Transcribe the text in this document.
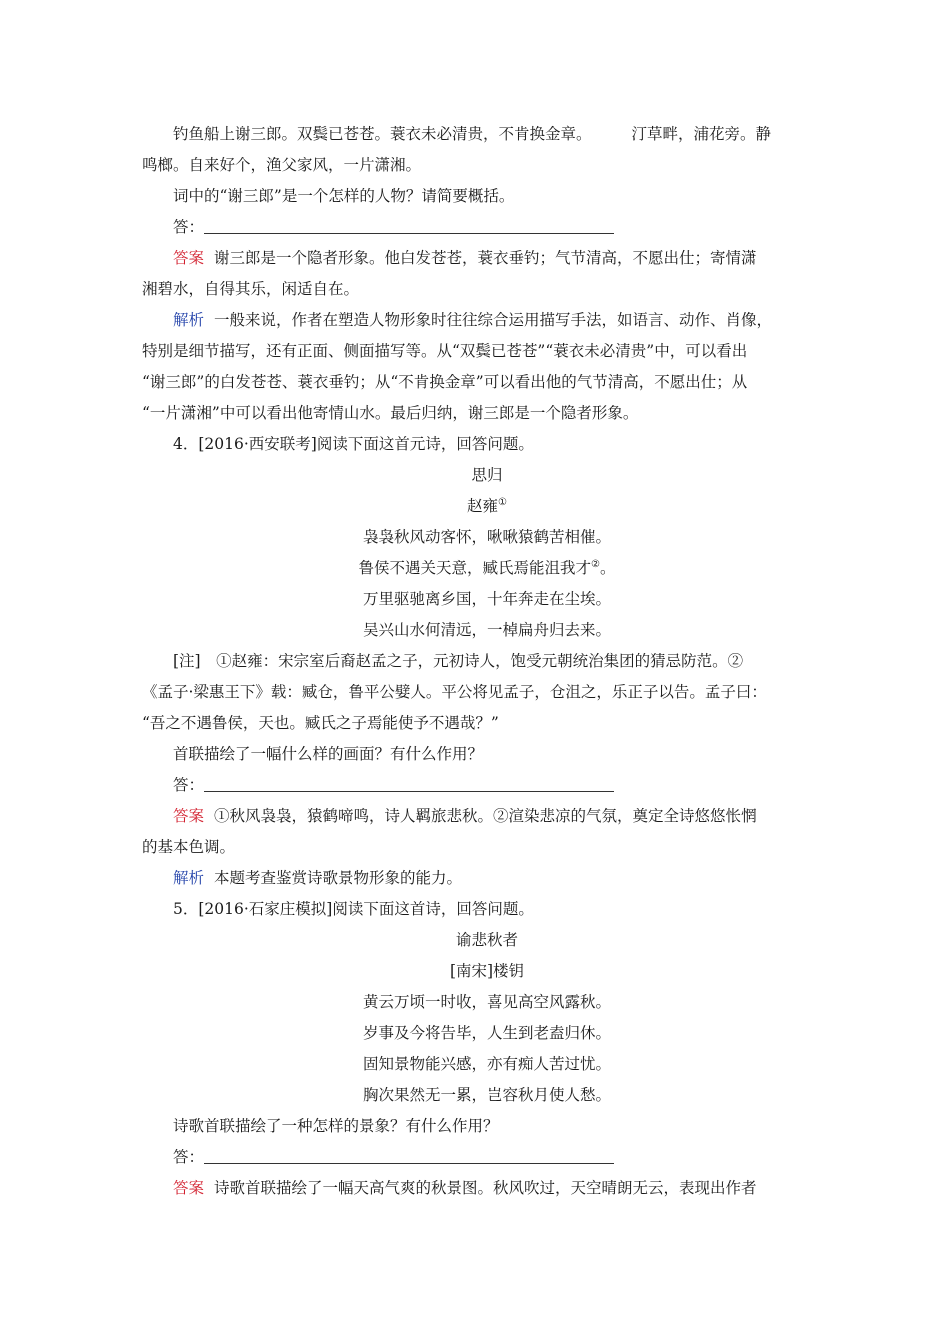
钓鱼船上谢三郎。双鬓已苍苍。蓑衣未必清贵，不肯换金章。	汀草畔，浦花旁。静
鸣榔。自来好个，渔父家风，一片潇湘。
词中的“谢三郎”是一个怎样的人物？请简要概括。
答：
答案 谢三郎是一个隐者形象。他白发苍苍，蓑衣垂钓；气节清高，不愿出仕；寄情潇
湘碧水，自得其乐，闲适自在。
解析 一般来说，作者在塑造人物形象时往往综合运用描写手法，如语言、动作、肖像，
特别是细节描写，还有正面、侧面描写等。从“双鬓已苍苍”“蓑衣未必清贵”中，可以看出
“谢三郎”的白发苍苍、蓑衣垂钓；从“不肯换金章”可以看出他的气节清高，不愿出仕；从
“一片潇湘”中可以看出他寄情山水。最后归纳，谢三郎是一个隐者形象。
4．[2016·西安联考]阅读下面这首元诗，回答问题。
思归
赵雍①
袅袅秋风动客怀，啾啾猿鹤苦相催。
鲁侯不遇关天意，臧氏焉能沮我才②。
万里驱驰离乡国，十年奔走在尘埃。
吴兴山水何清远，一棹扁舟归去来。
[注]　①赵雍：宋宗室后裔赵孟之子，元初诗人，饱受元朝统治集团的猜忌防范。②
《孟子·梁惠王下》载：臧仓，鲁平公嬖人。平公将见孟子，仓沮之，乐正子以告。孟子曰：
“吾之不遇鲁侯，天也。臧氏之子焉能使予不遇哉？”
首联描绘了一幅什么样的画面？有什么作用？
答：
答案 ①秋风袅袅，猿鹤啼鸣，诗人羁旅悲秋。②渲染悲凉的气氛，奠定全诗悠悠怅惘
的基本色调。
解析 本题考查鉴赏诗歌景物形象的能力。
5．[2016·石家庄模拟]阅读下面这首诗，回答问题。
谕悲秋者
[南宋]楼钥
黄云万顷一时收，喜见高空风露秋。
岁事及今将告毕，人生到老盍归休。
固知景物能兴感，亦有痴人苦过忧。
胸次果然无一累，岂容秋月使人愁。
诗歌首联描绘了一种怎样的景象？有什么作用？
答：
答案 诗歌首联描绘了一幅天高气爽的秋景图。秋风吹过，天空晴朗无云，表现出作者
